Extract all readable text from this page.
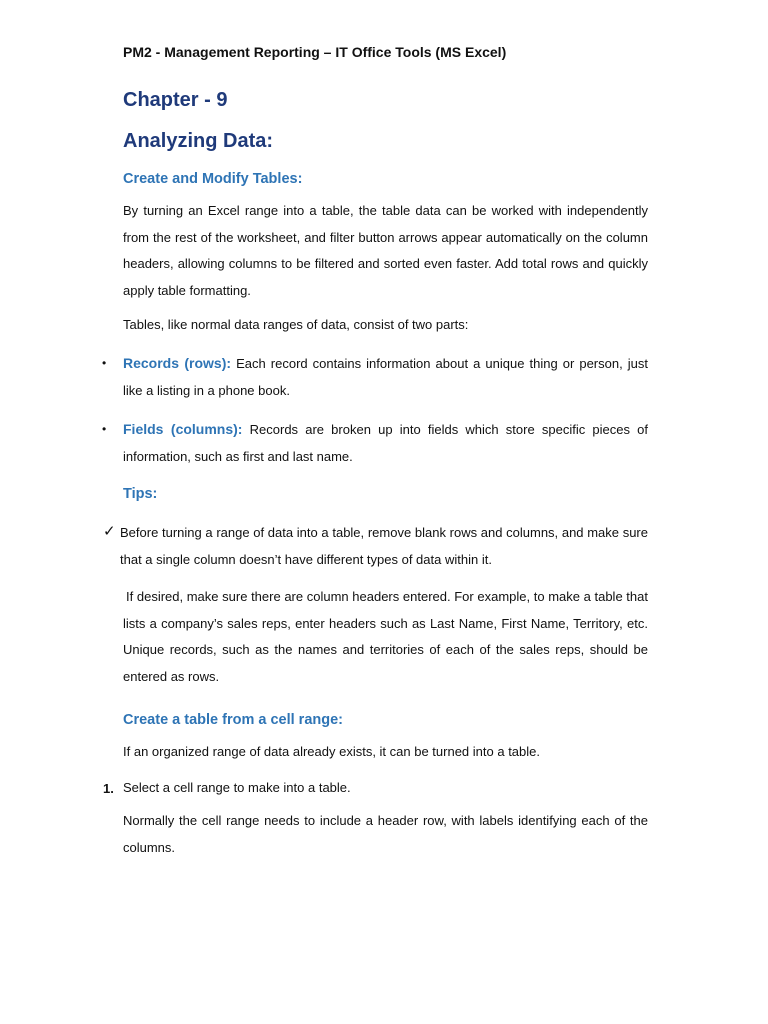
PM2 - Management Reporting – IT Office Tools (MS Excel)
Chapter - 9
Analyzing Data:
Create and Modify Tables:
By turning an Excel range into a table, the table data can be worked with independently from the rest of the worksheet, and filter button arrows appear automatically on the column headers, allowing columns to be filtered and sorted even faster. Add total rows and quickly apply table formatting.
Tables, like normal data ranges of data, consist of two parts:
• Records (rows): Each record contains information about a unique thing or person, just like a listing in a phone book.
• Fields (columns): Records are broken up into fields which store specific pieces of information, such as first and last name.
Tips:
✓ Before turning a range of data into a table, remove blank rows and columns, and make sure that a single column doesn’t have different types of data within it.
If desired, make sure there are column headers entered. For example, to make a table that lists a company’s sales reps, enter headers such as Last Name, First Name, Territory, etc. Unique records, such as the names and territories of each of the sales reps, should be entered as rows.
Create a table from a cell range:
If an organized range of data already exists, it can be turned into a table.
1. Select a cell range to make into a table.
Normally the cell range needs to include a header row, with labels identifying each of the columns.
